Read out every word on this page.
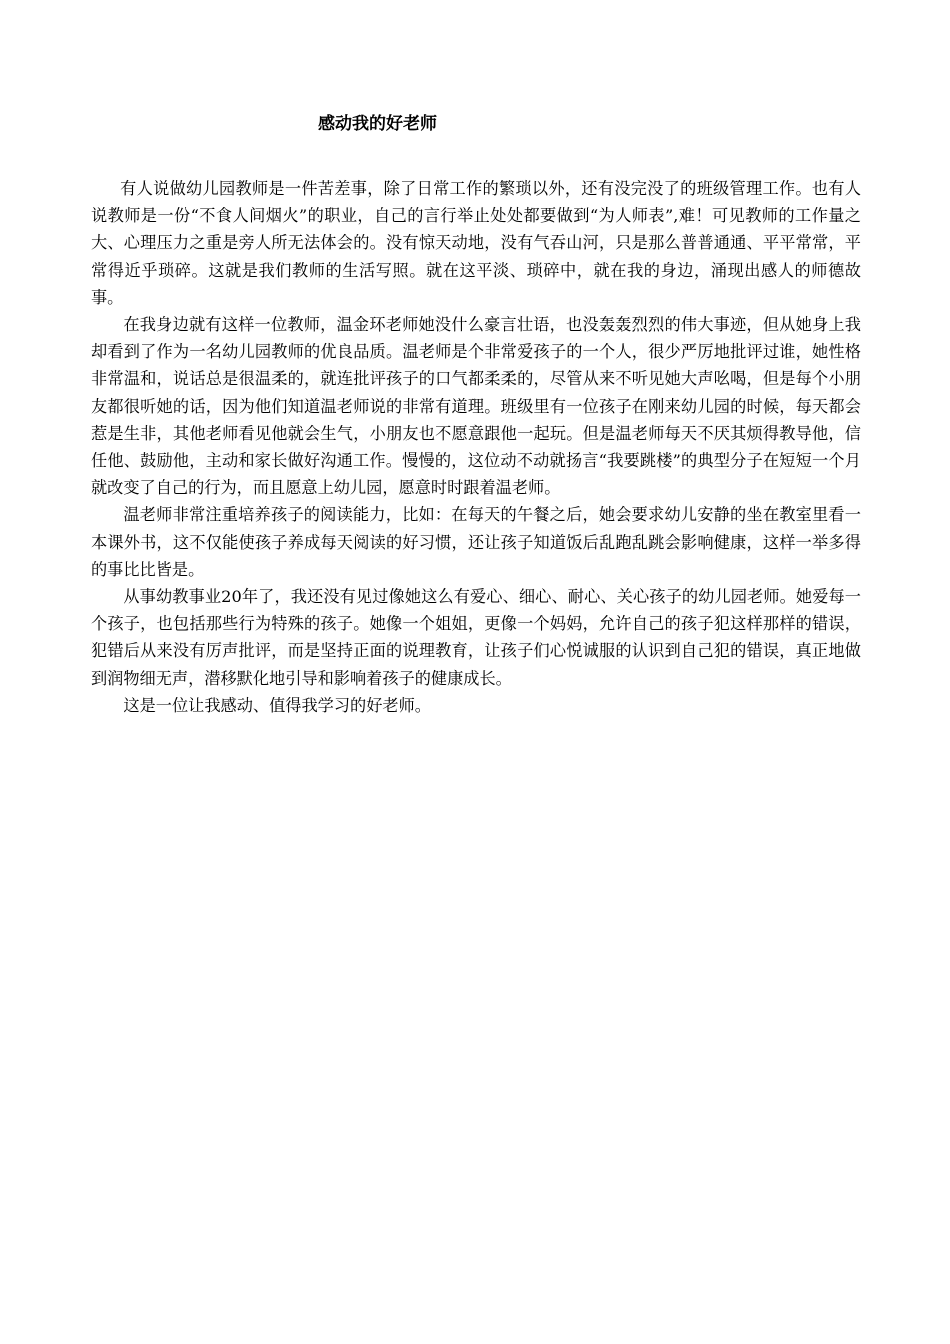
感动我的好老师

有人说做幼儿园教师是一件苦差事，除了日常工作的繁琐以外，还有没完没了的班级管理工作。也有人说教师是一份“不食人间烟火”的职业，自己的言行举止处处都要做到“为人师表”,难！可见教师的工作量之大、心理压力之重是旁人所无法体会的。没有惊天动地，没有气吞山河，只是那么普普通通、平平常常，平常得近乎琐碎。这就是我们教师的生活写照。就在这平淡、琐碎中，就在我的身边，涌现出感人的师德故事。

在我身边就有这样一位教师，温金环老师她没什么豪言壮语，也没轰轰烈烈的伟大事迹，但从她身上我却看到了作为一名幼儿园教师的优良品质。温老师是个非常爱孩子的一个人，很少严厉地批评过谁，她性格非常温和，说话总是很温柔的，就连批评孩子的口气都柔柔的，尽管从来不听见她大声吆喝，但是每个小朋友都很听她的话，因为他们知道温老师说的非常有道理。班级里有一位孩子在刚来幼儿园的时候，每天都会惹是生非，其他老师看见他就会生气，小朋友也不愿意跟他一起玩。但是温老师每天不厌其烦得教导他，信任他、鼓励他，主动和家长做好沟通工作。慢慢的，这位动不动就扬言“我要跳楼”的典型分子在短短一个月就改变了自己的行为，而且愿意上幼儿园，愿意时时跟着温老师。

温老师非常注重培养孩子的阅读能力，比如：在每天的午餐之后，她会要求幼儿安静的坐在教室里看一本课外书，这不仅能使孩子养成每天阅读的好习惯，还让孩子知道饭后乱跑乱跳会影响健康，这样一举多得的事比比皆是。

从事幼教事业20年了，我还没有见过像她这么有爱心、细心、耐心、关心孩子的幼儿园老师。她爱每一个孩子，也包括那些行为特殊的孩子。她像一个姐姐，更像一个妈妈，允许自己的孩子犯这样那样的错误，犯错后从来没有厉声批评，而是坚持正面的说理教育，让孩子们心悦诚服的认识到自己犯的错误，真正地做到润物细无声，潜移默化地引导和影响着孩子的健康成长。

这是一位让我感动、值得我学习的好老师。
